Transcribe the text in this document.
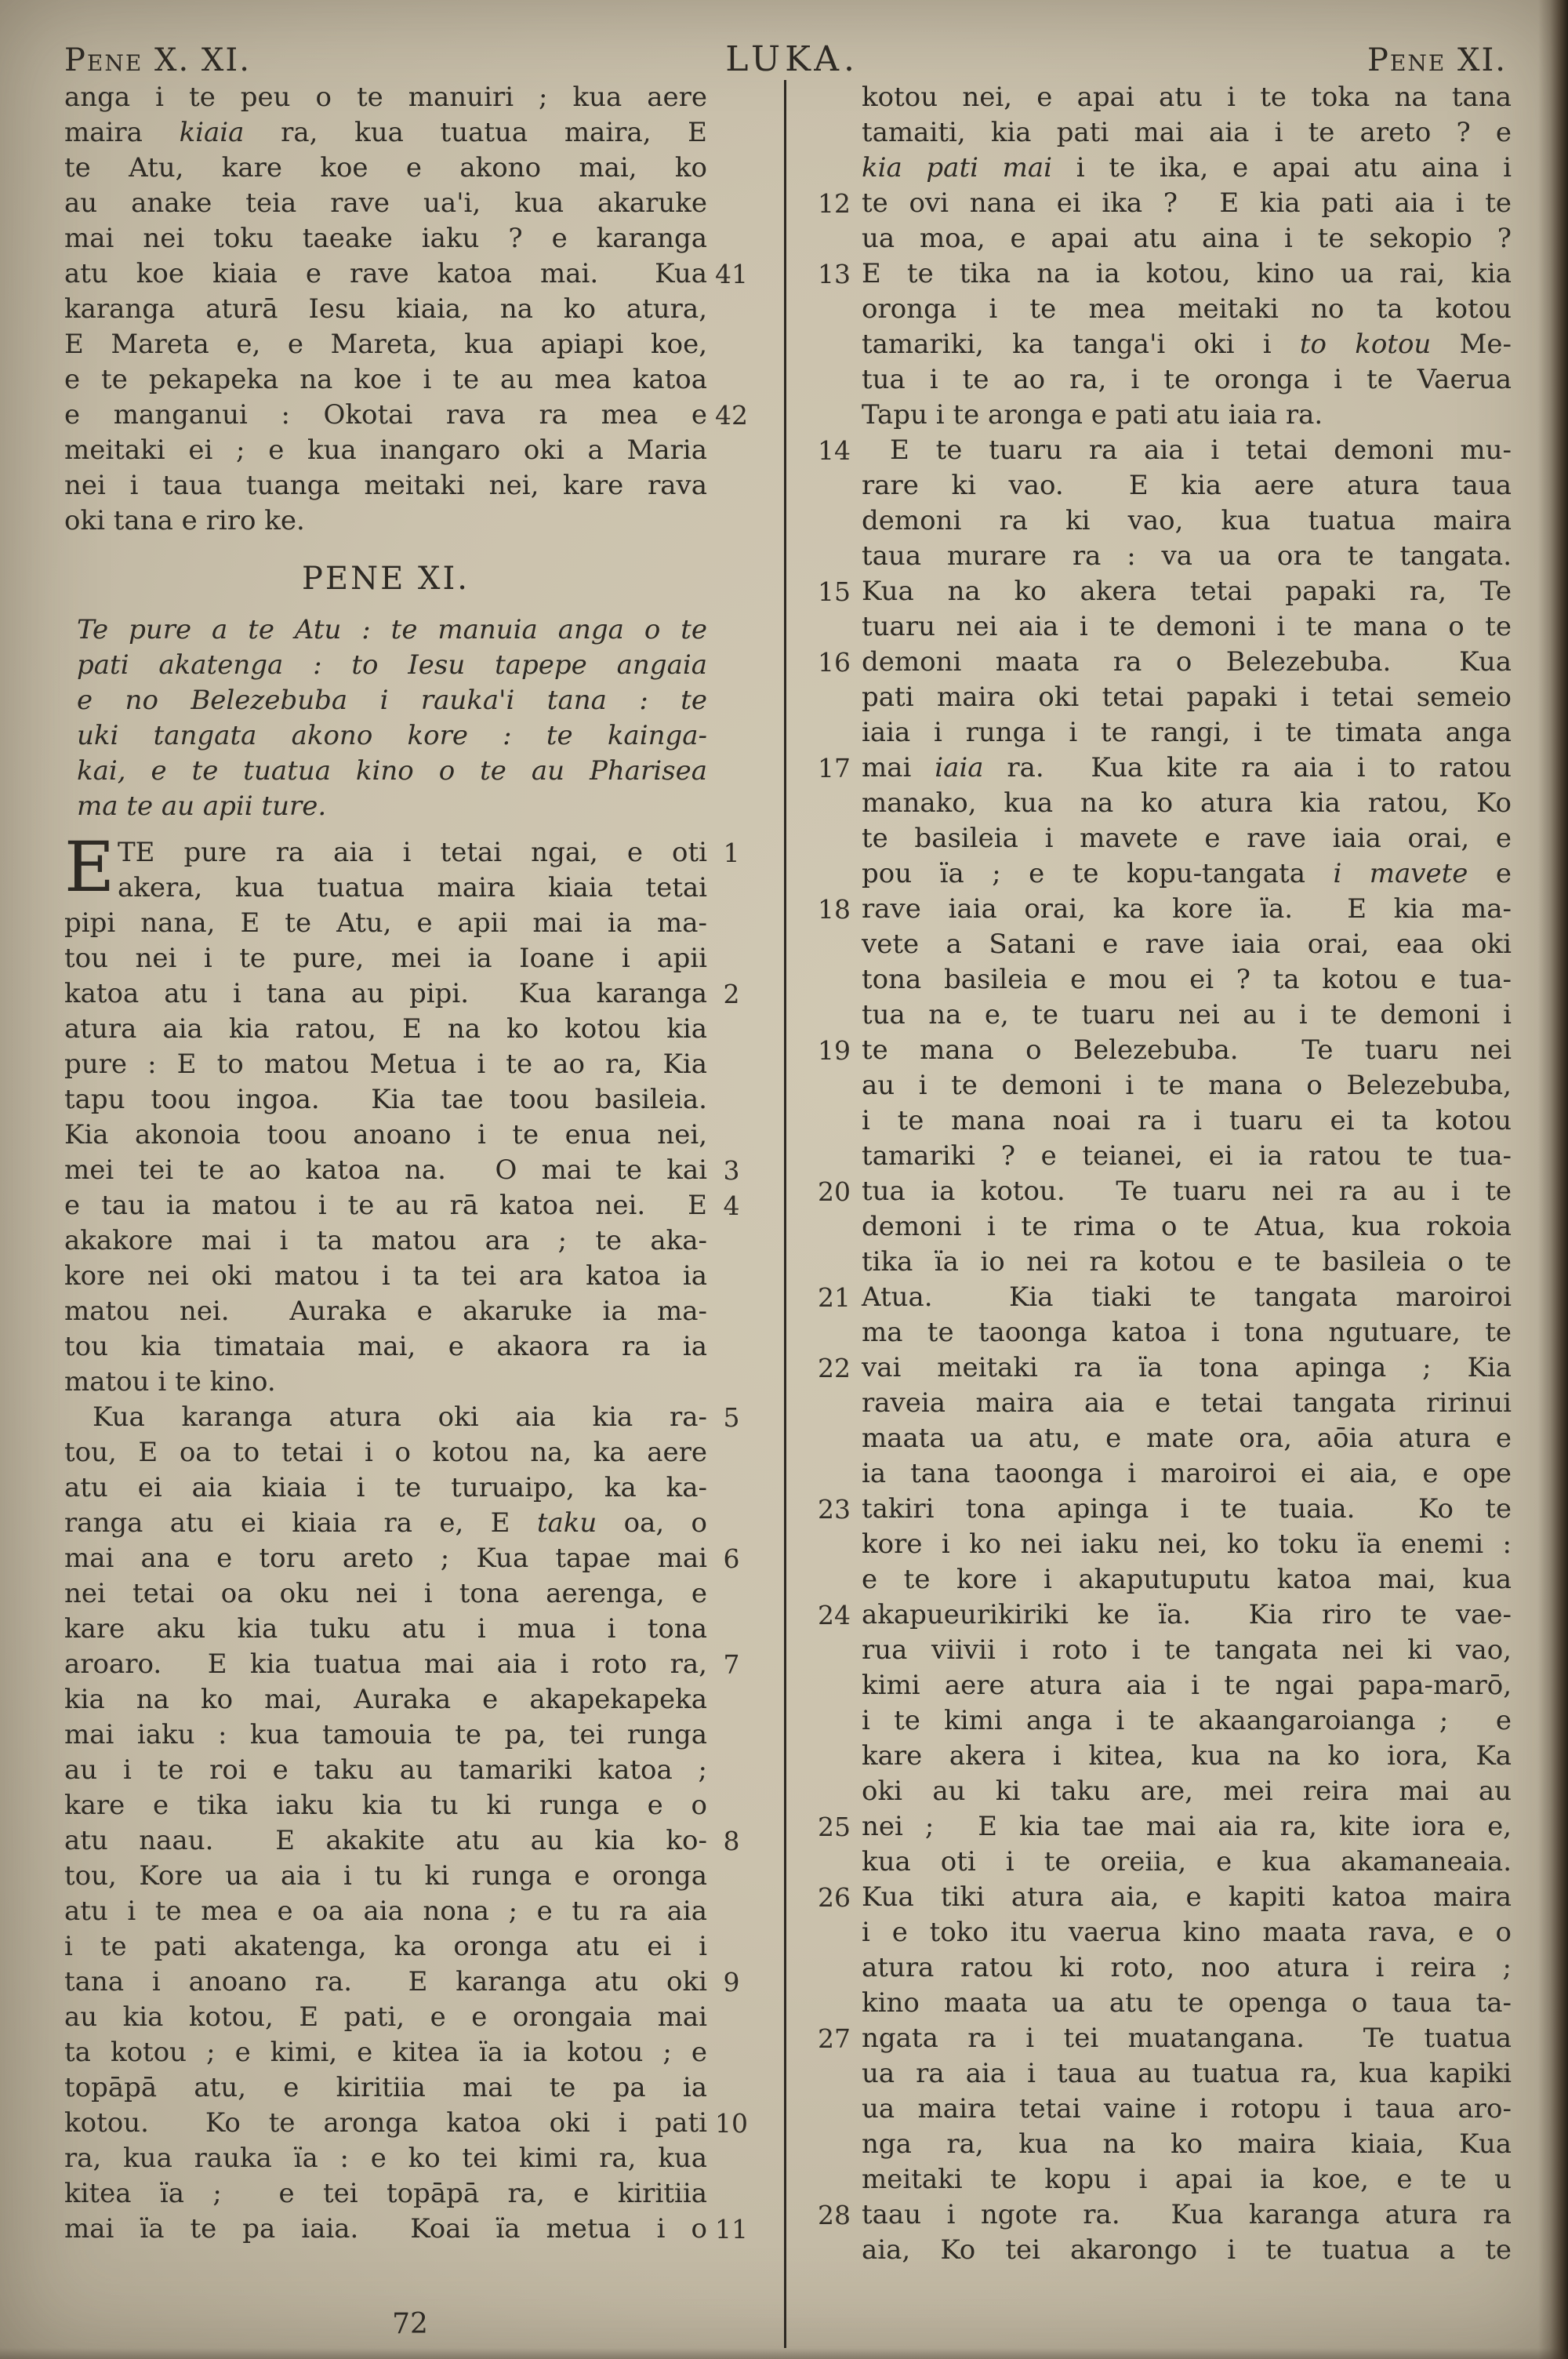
Pene X. XI.	LUKA.	Pene XI.
anga i te peu o te manuiri ; kua aere
maira kiaia ra, kua tuatua maira, E
te Atu, kare koe e akono mai, ko
au anake teia rave ua'i, kua akaruke
mai nei toku taeake iaku ? e karanga
atu koe kiaia e rave katoa mai.  Kua 41
karanga aturā Iesu kiaia, na ko atura,
E Mareta e, e Mareta, kua apiapi koe,
e te pekapeka na koe i te au mea katoa
e manganui : Okotai rava ra mea e 42
meitaki ei ; e kua inangaro oki a Maria
nei i taua tuanga meitaki nei, kare rava
oki tana e riro ke.
PENE XI.
Te pure a te Atu : te manuia anga o te
pati akatenga : to Iesu tapepe angaia
e no Belezebuba i rauka'i tana : te
uki tangata akono kore : te kainga-
kai, e te tuatua kino o te au Pharisea
ma te au apii ture.
E TE pure ra aia i tetai ngai, e oti 1
akera, kua tuatua maira kiaia tetai
pipi nana, E te Atu, e apii mai ia ma-
tou nei i te pure, mei ia Ioane i apii
katoa atu i tana au pipi.  Kua karanga 2
atura aia kia ratou, E na ko kotou kia
pure : E to matou Metua i te ao ra, Kia
tapu toou ingoa.  Kia tae toou basileia.
Kia akonoia toou anoano i te enua nei,
mei tei te ao katoa na.  O mai te kai 3
e tau ia matou i te au rā katoa nei.  E 4
akakore mai i ta matou ara ; te aka-
kore nei oki matou i ta tei ara katoa ia
matou nei.  Auraka e akaruke ia ma-
tou kia timataia mai, e akaora ra ia
matou i te kino.
Kua karanga atura oki aia kia ra- 5
tou, E oa to tetai i o kotou na, ka aere
atu ei aia kiaia i te turuaipo, ka ka-
ranga atu ei kiaia ra e, E taku oa, o
mai ana e toru areto ; Kua tapae mai 6
nei tetai oa oku nei i tona aerenga, e
kare aku kia tuku atu i mua i tona
aroaro.  E kia tuatua mai aia i roto ra, 7
kia na ko mai, Auraka e akapekapeka
mai iaku : kua tamouia te pa, tei runga
au i te roi e taku au tamariki katoa ;
kare e tika iaku kia tu ki runga e o
atu naau.  E akakite atu au kia ko- 8
tou, Kore ua aia i tu ki runga e oronga
atu i te mea e oa aia nona ; e tu ra aia
i te pati akatenga, ka oronga atu ei i
tana i anoano ra.  E karanga atu oki 9
au kia kotou, E pati, e e orongaia mai
ta kotou ; e kimi, e kitea ïa ia kotou ; e
topāpā atu, e kiritiia mai te pa ia
kotou.  Ko te aronga katoa oki i pati 10
ra, kua rauka ïa : e ko tei kimi ra, kua
kitea ïa ;  e tei topāpā ra, e kiritiia
mai ïa te pa iaia.  Koai ïa metua i o 11
kotou nei, e apai atu i te toka na tana
tamaiti, kia pati mai aia i te areto ? e
kia pati mai i te ika, e apai atu aina i
12 te ovi nana ei ika ?  E kia pati aia i te
ua moa, e apai atu aina i te sekopio ?
13 E te tika na ia kotou, kino ua rai, kia
oronga i te mea meitaki no ta kotou
tamariki, ka tanga'i oki i to kotou Me-
tua i te ao ra, i te oronga i te Vaerua
Tapu i te aronga e pati atu iaia ra.
14	E te tuaru ra aia i tetai demoni mu-
rare ki vao.  E kia aere atura taua
demoni ra ki vao, kua tuatua maira
taua murare ra : va ua ora te tangata.
15 Kua na ko akera tetai papaki ra, Te
tuaru nei aia i te demoni i te mana o te
16 demoni maata ra o Belezebuba.  Kua
pati maira oki tetai papaki i tetai semeio
iaia i runga i te rangi, i te timata anga
17 mai iaia ra.  Kua kite ra aia i to ratou
manako, kua na ko atura kia ratou, Ko
te basileia i mavete e rave iaia orai, e
pou ïa ; e te kopu-tangata i mavete e
18 rave iaia orai, ka kore ïa.  E kia ma-
vete a Satani e rave iaia orai, eaa oki
tona basileia e mou ei ? ta kotou e tua-
tua na e, te tuaru nei au i te demoni i
19 te mana o Belezebuba.  Te tuaru nei
au i te demoni i te mana o Belezebuba,
i te mana noai ra i tuaru ei ta kotou
tamariki ? e teianei, ei ia ratou te tua-
20 tua ia kotou.  Te tuaru nei ra au i te
demoni i te rima o te Atua, kua rokoia
tika ïa io nei ra kotou e te basileia o te
21 Atua.  Kia tiaki te tangata maroiroi
ma te taoonga katoa i tona ngutuare, te
22 vai meitaki ra ïa tona apinga ; Kia
raveia maira aia e tetai tangata ririnui
maata ua atu, e mate ora, aōia atura e
ia tana taoonga i maroiroi ei aia, e ope
23 takiri tona apinga i te tuaia.  Ko te
kore i ko nei iaku nei, ko toku ïa enemi :
e te kore i akaputuputu katoa mai, kua
24 akapueurikiriki ke ïa.  Kia riro te vae-
rua viivii i roto i te tangata nei ki vao,
kimi aere atura aia i te ngai papa-marō,
i te kimi anga i te akaangaroianga ;  e
kare akera i kitea, kua na ko iora, Ka
oki au ki taku are, mei reira mai au
25 nei ;  E kia tae mai aia ra, kite iora e,
kua oti i te oreiia, e kua akamaneaia.
26 Kua tiki atura aia, e kapiti katoa maira
i e toko itu vaerua kino maata rava, e o
atura ratou ki roto, noo atura i reira ;
kino maata ua atu te openga o taua ta-
27 ngata ra i tei muatangana.  Te tuatua
ua ra aia i taua au tuatua ra, kua kapiki
ua maira tetai vaine i rotopu i taua aro-
nga ra, kua na ko maira kiaia, Kua
meitaki te kopu i apai ia koe, e te u
28 taau i ngote ra.  Kua karanga atura ra
aia, Ko tei akarongo i te tuatua a te
72
